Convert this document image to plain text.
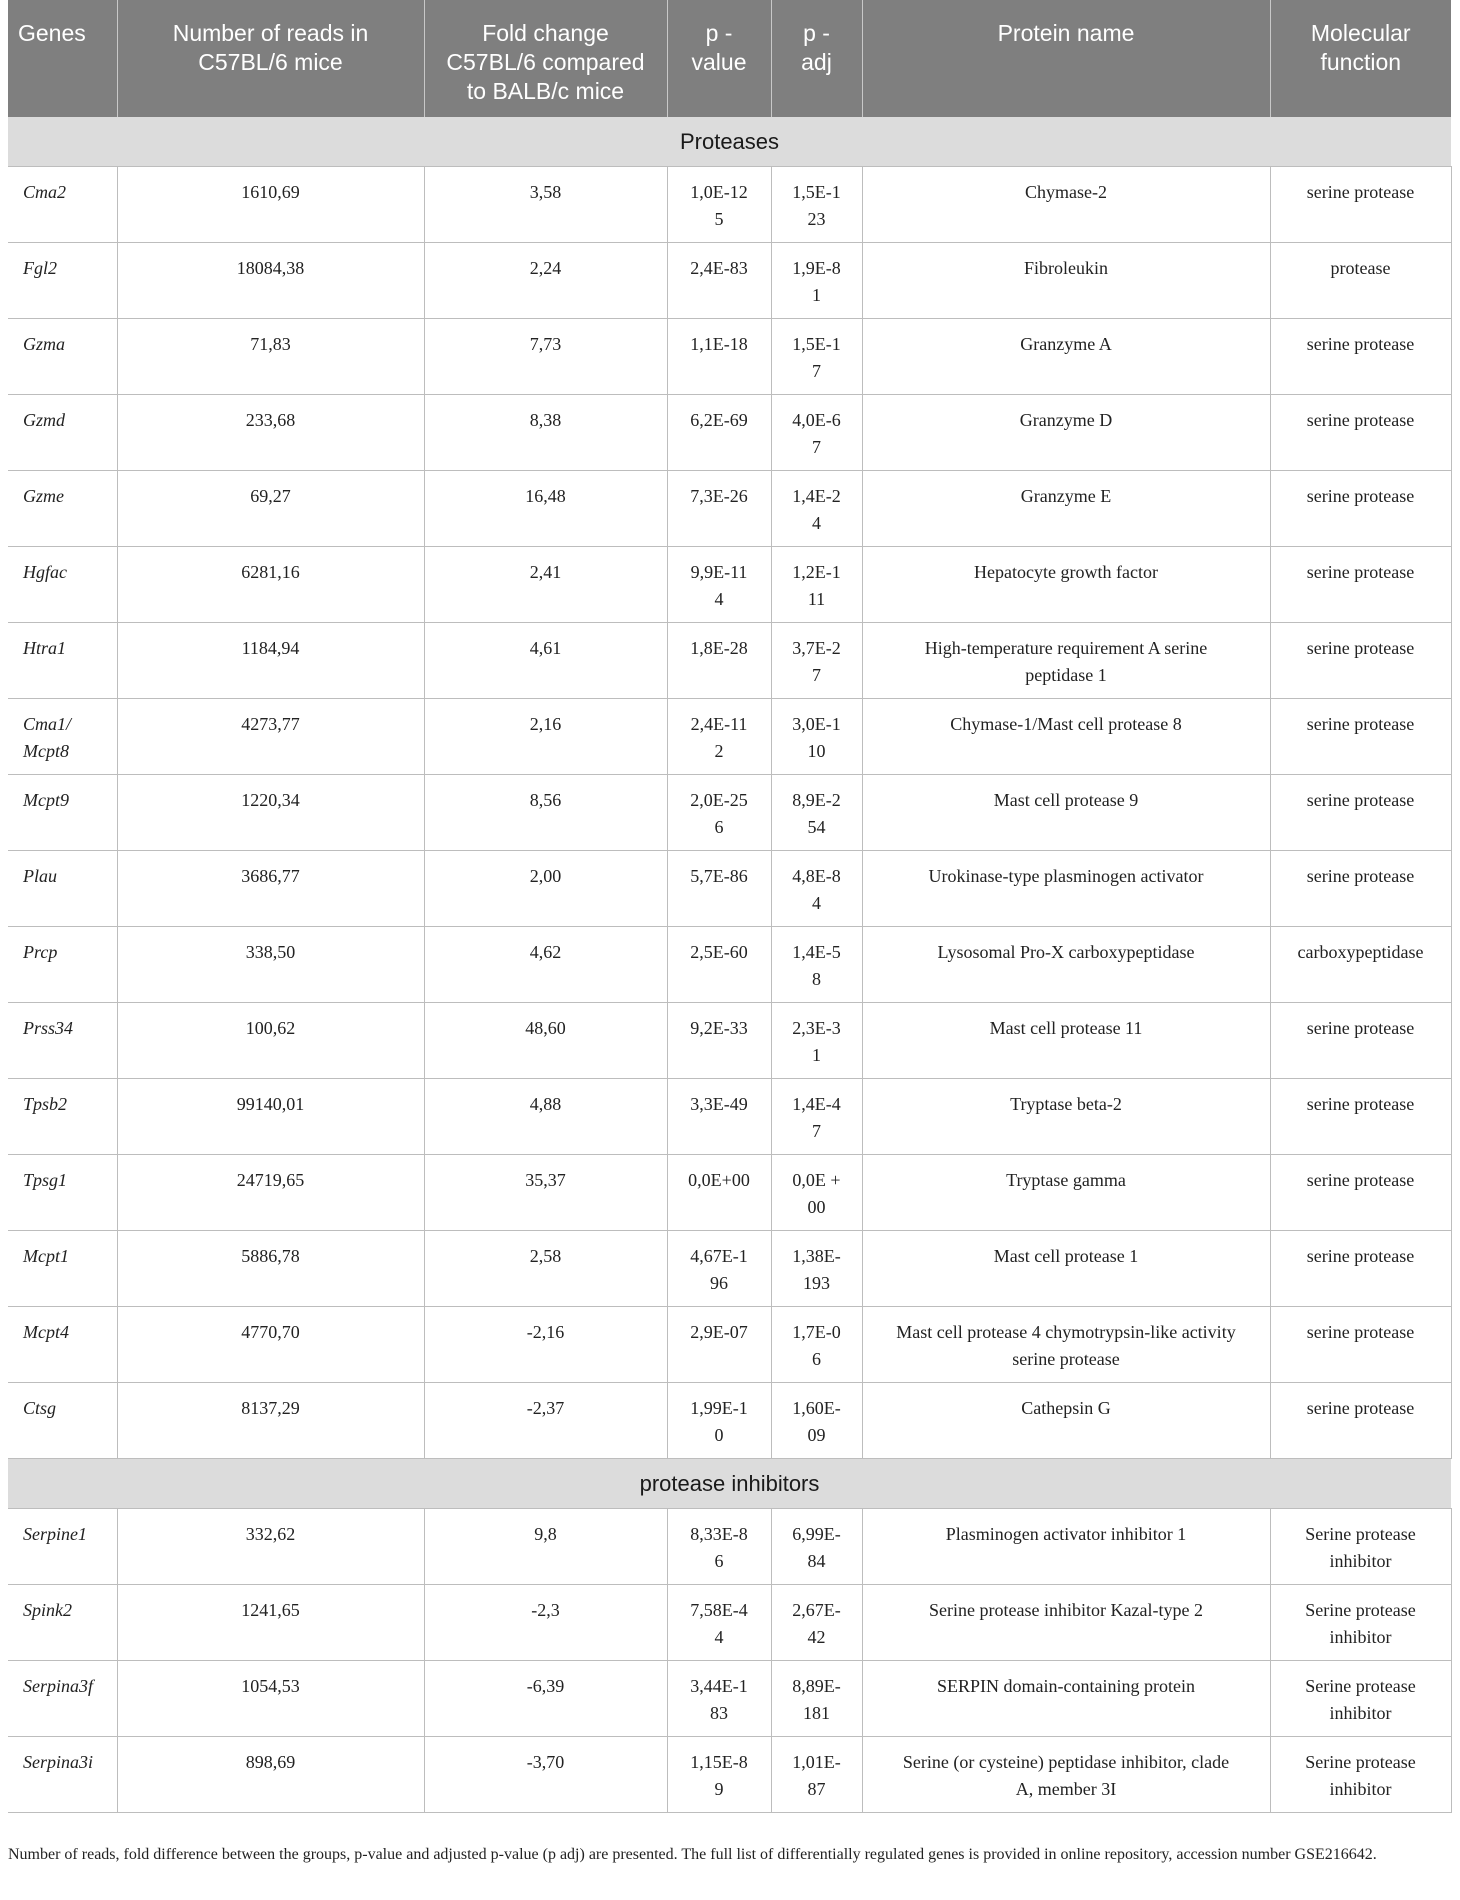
Genes	Number of reads in C57BL/6 mice	Fold change C57BL/6 compared to BALB/c mice	p - value	p - adj	Protein name	Molecular function
Proteases						

Cma2	1610,69	3,58	1,0E-125	1,5E-123	Chymase-2	serine protease

Fgl2	18084,38	2,24	2,4E-83	1,9E-81	Fibroleukin	protease

Gzma	71,83	7,73	1,1E-18	1,5E-17	Granzyme A	serine protease

Gzmd	233,68	8,38	6,2E-69	4,0E-67	Granzyme D	serine protease

Gzme	69,27	16,48	7,3E-26	1,4E-24	Granzyme E	serine protease

Hgfac	6281,16	2,41	9,9E-114	1,2E-111	Hepatocyte growth factor	serine protease

Htra1	1184,94	4,61	1,8E-28	3,7E-27	High-temperature requirement A serine peptidase 1	serine protease

Cma1/ Mcpt8	4273,77	2,16	2,4E-112	3,0E-110	Chymase-1/Mast cell protease 8	serine protease

Mcpt9	1220,34	8,56	2,0E-256	8,9E-254	Mast cell protease 9	serine protease

Plau	3686,77	2,00	5,7E-86	4,8E-84	Urokinase-type plasminogen activator	serine protease

Prcp	338,50	4,62	2,5E-60	1,4E-58	Lysosomal Pro-X carboxypeptidase	carboxypeptidase

Prss34	100,62	48,60	9,2E-33	2,3E-31	Mast cell protease 11	serine protease

Tpsb2	99140,01	4,88	3,3E-49	1,4E-47	Tryptase beta-2	serine protease

Tpsg1	24719,65	35,37	0,0E+00	0,0E +00	Tryptase gamma	serine protease

Mcpt1	5886,78	2,58	4,67E-196	1,38E-193	Mast cell protease 1	serine protease

Mcpt4	4770,70	-2,16	2,9E-07	1,7E-06	Mast cell protease 4 chymotrypsin-like activity serine protease	serine protease

Ctsg	8137,29	-2,37	1,99E-10	1,60E-09	Cathepsin G	serine protease

protease inhibitors						

Serpine1	332,62	9,8	8,33E-86	6,99E-84	Plasminogen activator inhibitor 1	Serine protease inhibitor

Spink2	1241,65	-2,3	7,58E-44	2,67E-42	Serine protease inhibitor Kazal-type 2	Serine protease inhibitor

Serpina3f	1054,53	-6,39	3,44E-183	8,89E-181	SERPIN domain-containing protein	Serine protease inhibitor

Serpina3i	898,69	-3,70	1,15E-89	1,01E-87	Serine (or cysteine) peptidase inhibitor, clade A, member 3I	Serine protease inhibitor
Number of reads, fold difference between the groups, p-value and adjusted p-value (p adj) are presented. The full list of differentially regulated genes is provided in online repository, accession number GSE216642.
